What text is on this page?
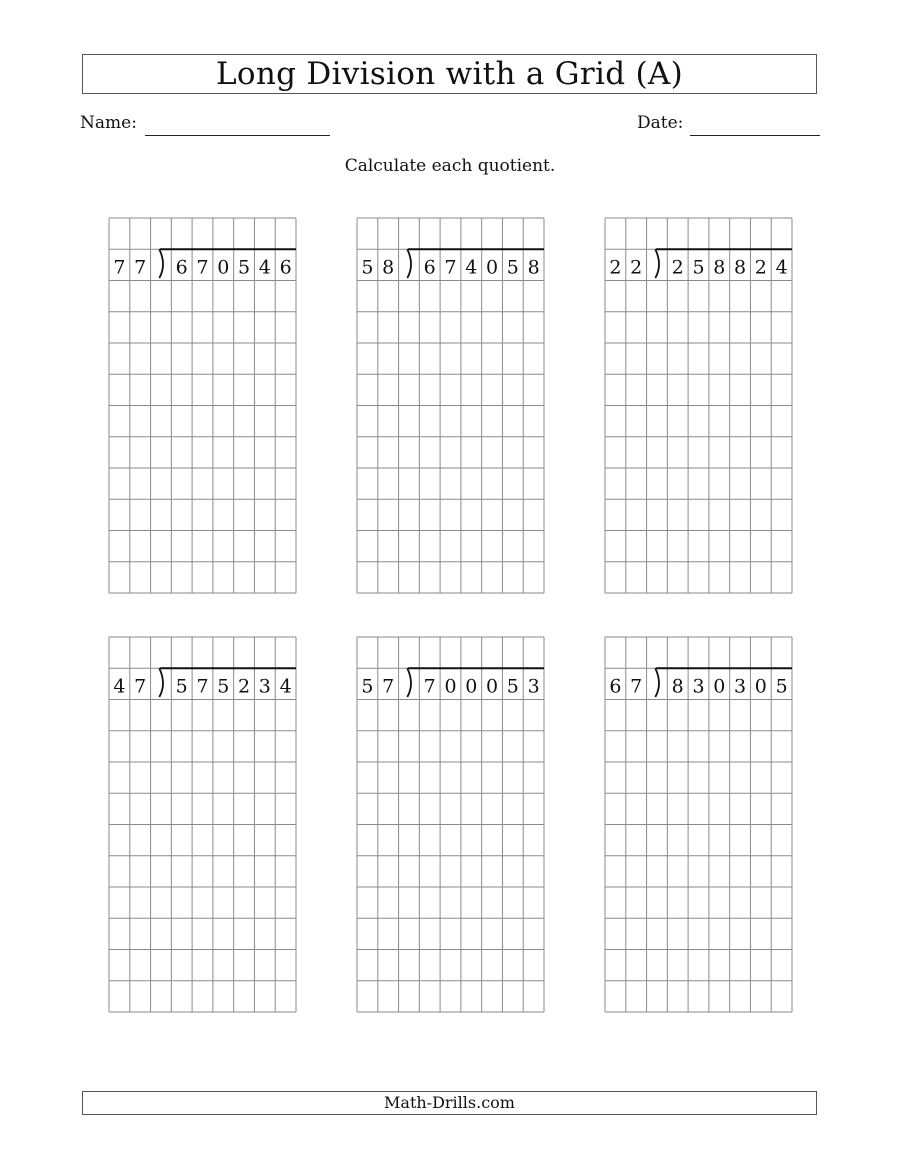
Long Division with a Grid (A)
Name:	Date:
Calculate each quotient.
7 7 6 7 0 5 4 6	5 8 6 7 4 0 5 8	2 2 2 5 8 8 2 4
4 7 5 7 5 2 3 4	5 7 7 0 0 0 5 3	6 7 8 3 0 3 0 5
Math-Drills.com
